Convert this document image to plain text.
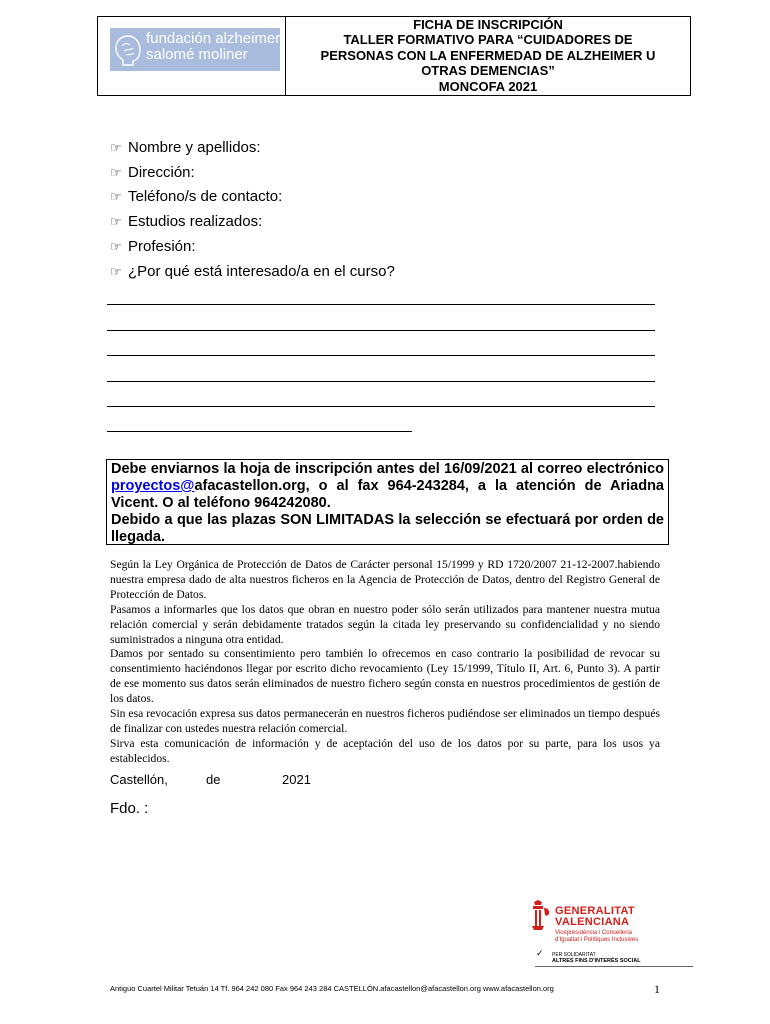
fundación alzheimer
salomé moliner
FICHA DE INSCRIPCIÓN
TALLER FORMATIVO PARA “CUIDADORES DE
PERSONAS CON LA ENFERMEDAD DE ALZHEIMER U
OTRAS DEMENCIAS”
MONCOFA 2021
☞ Nombre y apellidos:
☞ Dirección:
☞ Teléfono/s de contacto:
☞ Estudios realizados:
☞ Profesión:
☞ ¿Por qué está interesado/a en el curso?

Debe enviarnos la hoja de inscripción antes del 16/09/2021 al correo electrónico proyectos@afacastellon.org, o al fax 964-243284, a la atención de Ariadna Vicent. O al teléfono 964242080.

Debido a que las plazas SON LIMITADAS la selección se efectuará por orden de llegada.

Según la Ley Orgánica de Protección de Datos de Carácter personal 15/1999 y RD 1720/2007 21-12-2007.habiendo nuestra empresa dado de alta nuestros ficheros en la Agencia de Protección de Datos, dentro del Registro General de Protección de Datos.

Pasamos a informarles que los datos que obran en nuestro poder sólo serán utilizados para mantener nuestra mutua relación comercial y serán debidamente tratados según la citada ley preservando su confidencialidad y no siendo suministrados a ninguna otra entidad.

Damos por sentado su consentimiento pero también lo ofrecemos en caso contrario la posibilidad de revocar su consentimiento haciéndonos llegar por escrito dicho revocamiento (Ley 15/1999, Título II, Art. 6, Punto 3). A partir de ese momento sus datos serán eliminados de nuestro fichero según consta en nuestros procedimientos de gestión de los datos.

Sin esa revocación expresa sus datos permanecerán en nuestros ficheros pudiéndose ser eliminados un tiempo después de finalizar con ustedes nuestra relación comercial.

Sirva esta comunicación de información y de aceptación del uso de los datos por su parte, para los usos ya establecidos.

Castellón,	de	2021
Fdo. :
GENERALITAT
VALENCIANA
Vicepresidència i Conselleria
d'Igualtat i Polítiques Inclusives
✓ PER SOLIDARITAT
ALTRES FINS D'INTERÈS SOCIAL
Antiguo Cuartel Militar Tetuán 14 Tf. 964 242 080 Fax 964 243 284 CASTELLÓN.afacastellon@afacastellon.org www.afacastellon.org	1
